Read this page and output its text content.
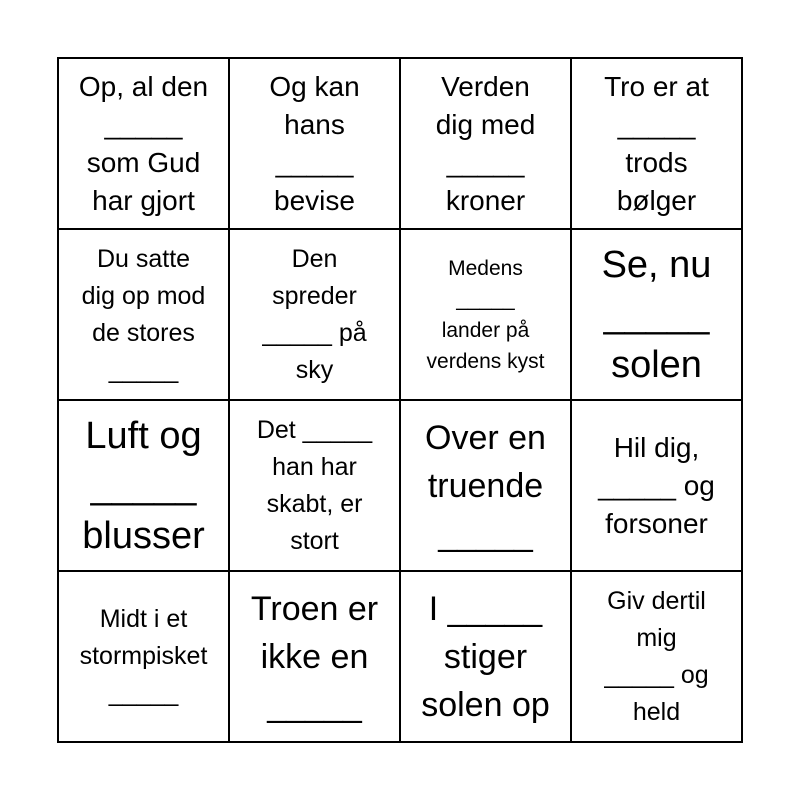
Op, al den
_____
som Gud
har gjort
Og kan
hans
_____
bevise
Verden
dig med
_____
kroner
Tro er at
_____
trods
bølger
Du satte
dig op mod
de stores
_____
Den
spreder
_____ på
sky
Medens
_____
lander på
verdens kyst
Se, nu
_____
solen
Luft og
_____
blusser
Det _____
han har
skabt, er
stort
Over en
truende
_____
Hil dig,
_____ og
forsoner
Midt i et
stormpisket
_____
Troen er
ikke en
_____
I _____
stiger
solen op
Giv dertil
mig
_____ og
held
